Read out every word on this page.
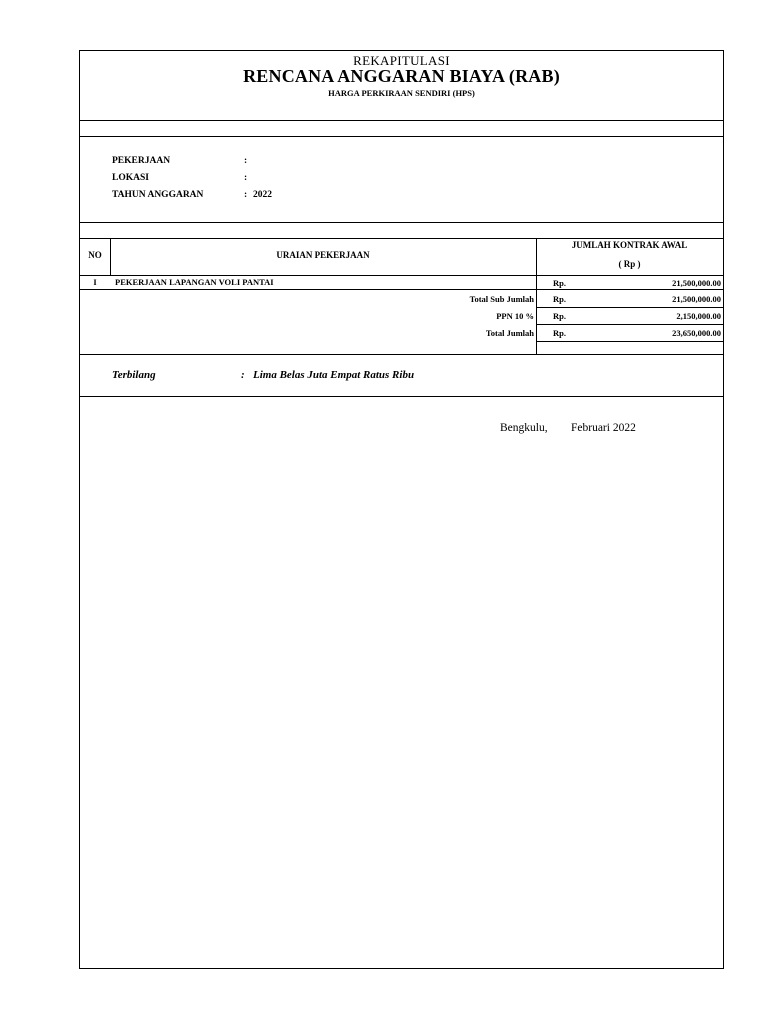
REKAPITULASI
RENCANA ANGGARAN BIAYA (RAB)
HARGA PERKIRAAN SENDIRI (HPS)
PEKERJAAN	:
LOKASI	:
TAHUN ANGGARAN	: 2022
NO	URAIAN PEKERJAAN
JUMLAH KONTRAK AWAL
( Rp )
I	PEKERJAAN LAPANGAN VOLI PANTAI	Rp.	21,500,000.00
Total Sub Jumlah Rp.	21,500,000.00
PPN 10 % Rp.	2,150,000.00
Total Jumlah Rp.	23,650,000.00
Terbilang	: Lima Belas Juta Empat Ratus Ribu
Bengkulu, Februari 2022
